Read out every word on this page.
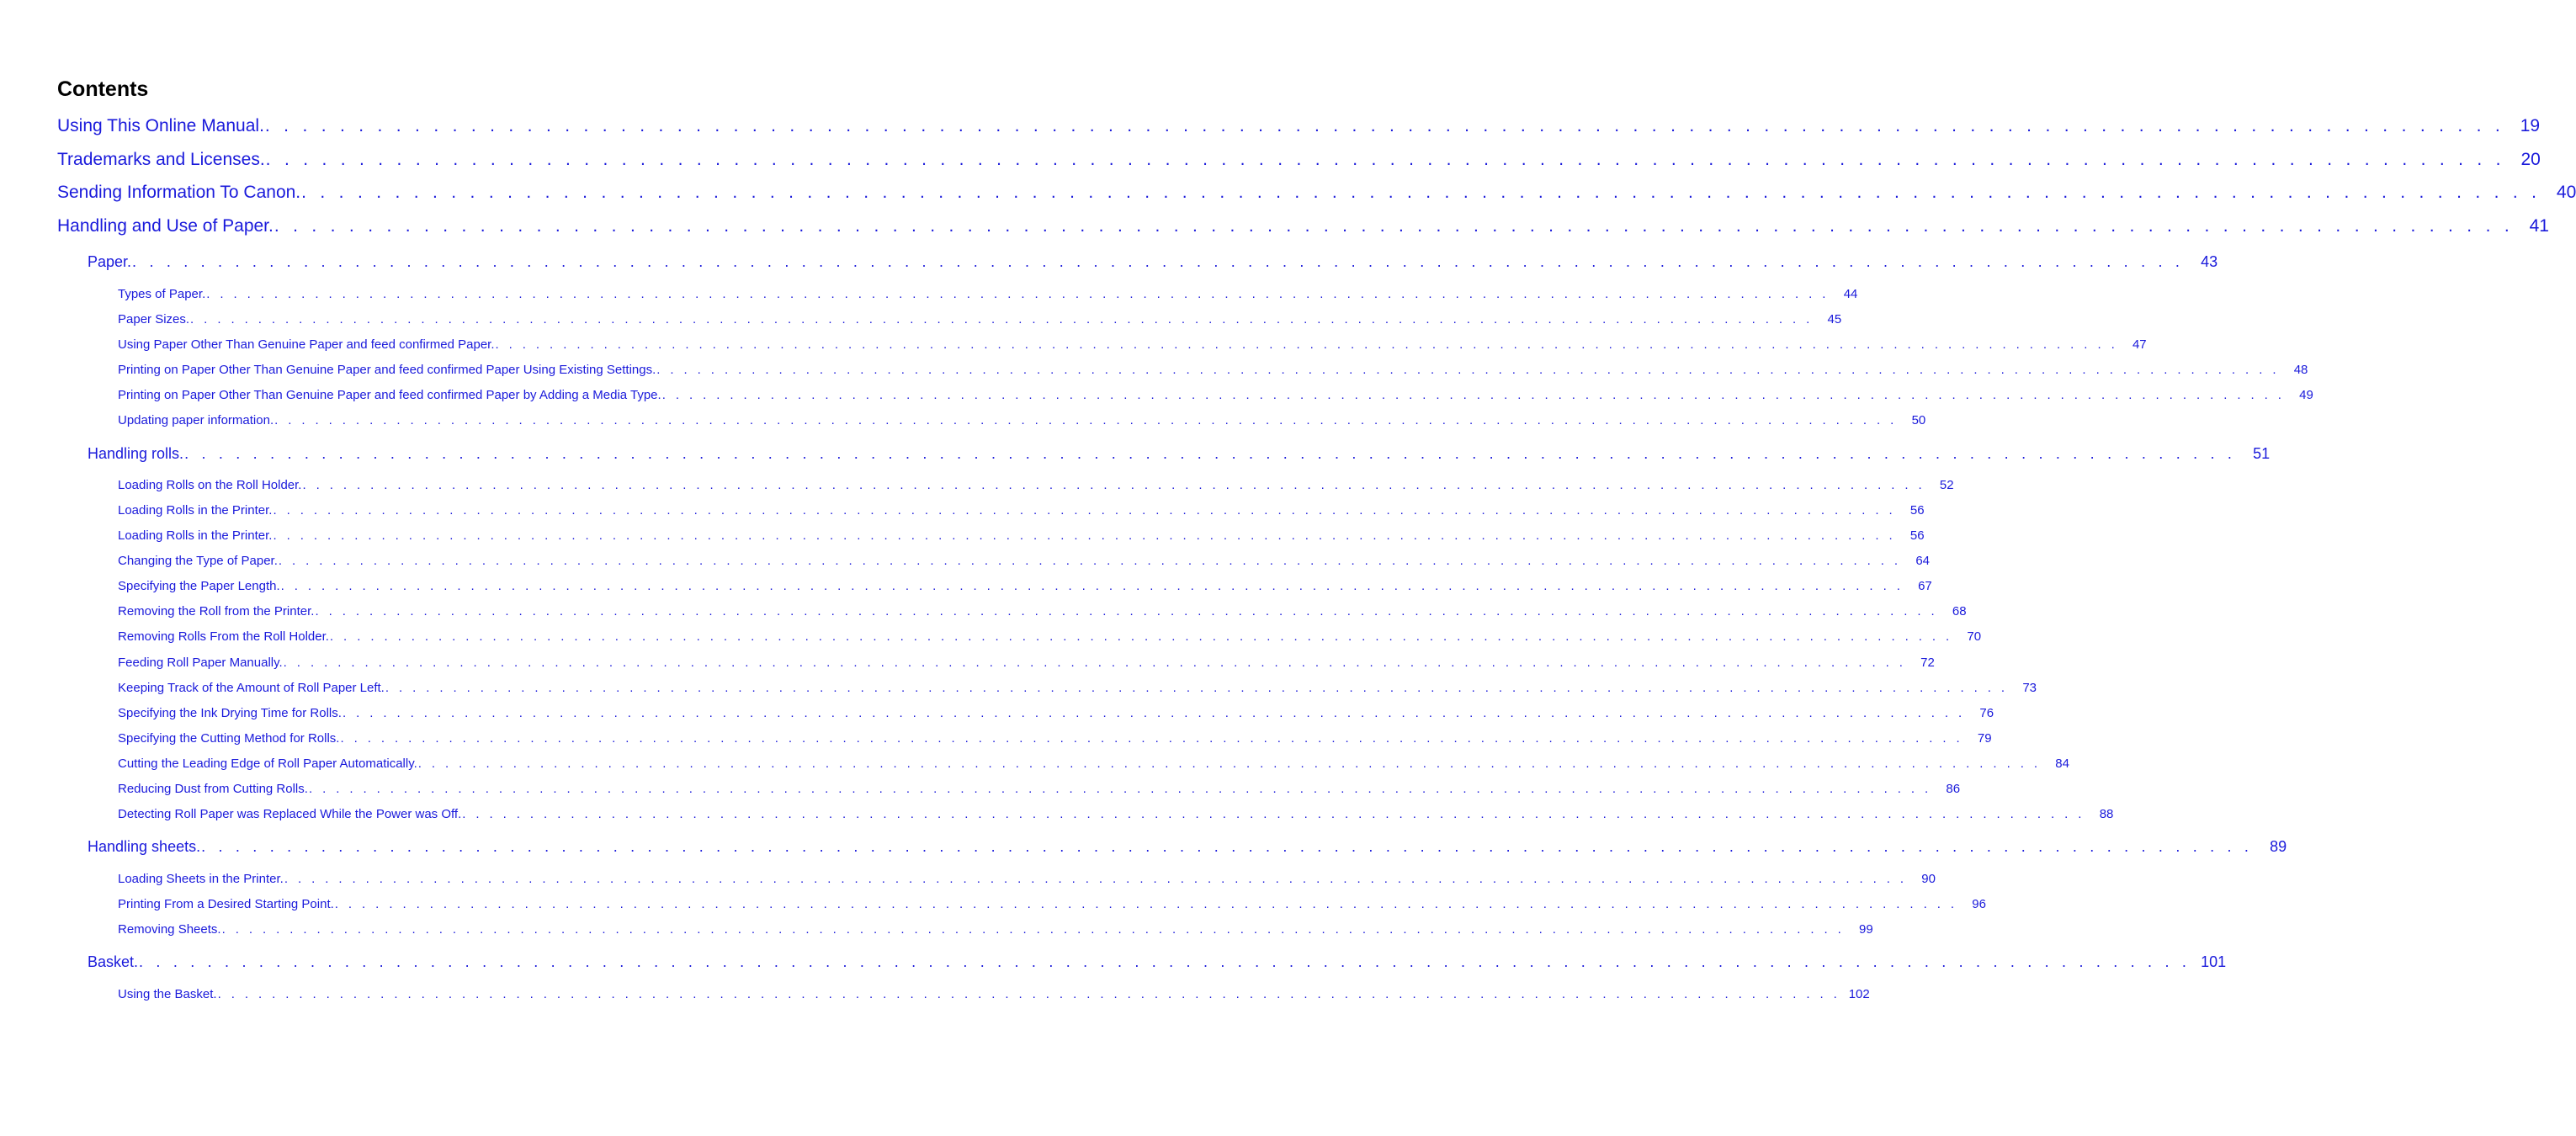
Contents
Using This Online Manual. . . . . . . . . . . . . . . . . . . . . . . . . . . . . . . . . . . . . . . . . . . . . . . . . . . . . . . . . . . . . . . . . . . . . . . . . . . . . . . . . . . . . . . . . . . . . . . . . . . . . . . . . . . . . . . . . . . . . . . . . 19
Trademarks and Licenses. . . . . . . . . . . . . . . . . . . . . . . . . . . . . . . . . . . . . . . . . . . . . . . . . . . . . . . . . . . . . . . . . . . . . . . . . . . . . . . . . . . . . . . . . . . . . . . . . . . . . . . . . . . . . . . . . . . . . . . . . 20
Sending Information To Canon. . . . . . . . . . . . . . . . . . . . . . . . . . . . . . . . . . . . . . . . . . . . . . . . . . . . . . . . . . . . . . . . . . . . . . . . . . . . . . . . . . . . . . . . . . . . . . . . . . . . . . . . . . . . . . . . . . . . . . . . . 40
Handling and Use of Paper. . . . . . . . . . . . . . . . . . . . . . . . . . . . . . . . . . . . . . . . . . . . . . . . . . . . . . . . . . . . . . . . . . . . . . . . . . . . . . . . . . . . . . . . . . . . . . . . . . . . . . . . . . . . . . . . . . . . . . . . . 41
Paper. . . . . . . . . . . . . . . . . . . . . . . . . . . . . . . . . . . . . . . . . . . . . . . . . . . . . . . . . . . . . . . . . . . . . . . . . . . . . . . . . . . . . . . . . . . . . . . . . . . . . . . . . . . . . . . . . . . . . . . . .	43
Types of Paper. . . . . . . . . . . . . . . . . . . . . . . . . . . . . . . . . . . . . . . . . . . . . . . . . . . . . . . . . . . . . . . . . . . . . . . . . . . . . . . . . . . . . . . . . . . . . . . . . . . . . . . . . . . . . . . . . . . . . . . . .	44
Paper Sizes. . . . . . . . . . . . . . . . . . . . . . . . . . . . . . . . . . . . . . . . . . . . . . . . . . . . . . . . . . . . . . . . . . . . . . . . . . . . . . . . . . . . . . . . . . . . . . . . . . . . . . . . . . . . . . . . . . . . . . . . .	45
Using Paper Other Than Genuine Paper and feed confirmed Paper. . . . . . . . . . . . . . . . . . . . . . . . . . . . . . . . . . . . . . . . . . . . . . . . . . . . . . . . . . . . . . . . . . . . . . . . . . . . . . . . . . . . . . . . . . . . . . . . . . . . . . . . . . . . . . . . . . . . . . . . .	47
Printing on Paper Other Than Genuine Paper and feed confirmed Paper Using Existing Settings. . . . . . . . . . . . . . . . . . . . . . . . . . . . . . . . . . . . . . . . . . . . . . . . . . . . . . . . . . . . . . . . . . . . . . . . . . . . . . . . . . . . . . . . . . . . . . . . . . . . . . . . . . . . . . . . . . . . . . . . .	48
Printing on Paper Other Than Genuine Paper and feed confirmed Paper by Adding a Media Type. . . . . . . . . . . . . . . . . . . . . . . . . . . . . . . . . . . . . . . . . . . . . . . . . . . . . . . . . . . . . . . . . . . . . . . . . . . . . . . . . . . . . . . . . . . . . . . . . . . . . . . . . . . . . . . . . . . . . . . . .	49
Updating paper information. . . . . . . . . . . . . . . . . . . . . . . . . . . . . . . . . . . . . . . . . . . . . . . . . . . . . . . . . . . . . . . . . . . . . . . . . . . . . . . . . . . . . . . . . . . . . . . . . . . . . . . . . . . . . . . . . . . . . . . . .	50
Handling rolls. . . . . . . . . . . . . . . . . . . . . . . . . . . . . . . . . . . . . . . . . . . . . . . . . . . . . . . . . . . . . . . . . . . . . . . . . . . . . . . . . . . . . . . . . . . . . . . . . . . . . . . . . . . . . . . . . . . . . . . . .	51
Loading Rolls on the Roll Holder. . . . . . . . . . . . . . . . . . . . . . . . . . . . . . . . . . . . . . . . . . . . . . . . . . . . . . . . . . . . . . . . . . . . . . . . . . . . . . . . . . . . . . . . . . . . . . . . . . . . . . . . . . . . . . . . . . . . . . . . .	52
Loading Rolls in the Printer. . . . . . . . . . . . . . . . . . . . . . . . . . . . . . . . . . . . . . . . . . . . . . . . . . . . . . . . . . . . . . . . . . . . . . . . . . . . . . . . . . . . . . . . . . . . . . . . . . . . . . . . . . . . . . . . . . . . . . . . .	56
Loading Rolls in the Printer. . . . . . . . . . . . . . . . . . . . . . . . . . . . . . . . . . . . . . . . . . . . . . . . . . . . . . . . . . . . . . . . . . . . . . . . . . . . . . . . . . . . . . . . . . . . . . . . . . . . . . . . . . . . . . . . . . . . . . . . .	56
Changing the Type of Paper. . . . . . . . . . . . . . . . . . . . . . . . . . . . . . . . . . . . . . . . . . . . . . . . . . . . . . . . . . . . . . . . . . . . . . . . . . . . . . . . . . . . . . . . . . . . . . . . . . . . . . . . . . . . . . . . . . . . . . . . .	64
Specifying the Paper Length. . . . . . . . . . . . . . . . . . . . . . . . . . . . . . . . . . . . . . . . . . . . . . . . . . . . . . . . . . . . . . . . . . . . . . . . . . . . . . . . . . . . . . . . . . . . . . . . . . . . . . . . . . . . . . . . . . . . . . . . .	67
Removing the Roll from the Printer. . . . . . . . . . . . . . . . . . . . . . . . . . . . . . . . . . . . . . . . . . . . . . . . . . . . . . . . . . . . . . . . . . . . . . . . . . . . . . . . . . . . . . . . . . . . . . . . . . . . . . . . . . . . . . . . . . . . . . . . .	68
Removing Rolls From the Roll Holder. . . . . . . . . . . . . . . . . . . . . . . . . . . . . . . . . . . . . . . . . . . . . . . . . . . . . . . . . . . . . . . . . . . . . . . . . . . . . . . . . . . . . . . . . . . . . . . . . . . . . . . . . . . . . . . . . . . . . . . . .	70
Feeding Roll Paper Manually. . . . . . . . . . . . . . . . . . . . . . . . . . . . . . . . . . . . . . . . . . . . . . . . . . . . . . . . . . . . . . . . . . . . . . . . . . . . . . . . . . . . . . . . . . . . . . . . . . . . . . . . . . . . . . . . . . . . . . . . .	72
Keeping Track of the Amount of Roll Paper Left. . . . . . . . . . . . . . . . . . . . . . . . . . . . . . . . . . . . . . . . . . . . . . . . . . . . . . . . . . . . . . . . . . . . . . . . . . . . . . . . . . . . . . . . . . . . . . . . . . . . . . . . . . . . . . . . . . . . . . . . .	73
Specifying the Ink Drying Time for Rolls. . . . . . . . . . . . . . . . . . . . . . . . . . . . . . . . . . . . . . . . . . . . . . . . . . . . . . . . . . . . . . . . . . . . . . . . . . . . . . . . . . . . . . . . . . . . . . . . . . . . . . . . . . . . . . . . . . . . . . . . .	76
Specifying the Cutting Method for Rolls. . . . . . . . . . . . . . . . . . . . . . . . . . . . . . . . . . . . . . . . . . . . . . . . . . . . . . . . . . . . . . . . . . . . . . . . . . . . . . . . . . . . . . . . . . . . . . . . . . . . . . . . . . . . . . . . . . . . . . . . .	79
Cutting the Leading Edge of Roll Paper Automatically. . . . . . . . . . . . . . . . . . . . . . . . . . . . . . . . . . . . . . . . . . . . . . . . . . . . . . . . . . . . . . . . . . . . . . . . . . . . . . . . . . . . . . . . . . . . . . . . . . . . . . . . . . . . . . . . . . . . . . . . .	84
Reducing Dust from Cutting Rolls. . . . . . . . . . . . . . . . . . . . . . . . . . . . . . . . . . . . . . . . . . . . . . . . . . . . . . . . . . . . . . . . . . . . . . . . . . . . . . . . . . . . . . . . . . . . . . . . . . . . . . . . . . . . . . . . . . . . . . . . .	86
Detecting Roll Paper was Replaced While the Power was Off. . . . . . . . . . . . . . . . . . . . . . . . . . . . . . . . . . . . . . . . . . . . . . . . . . . . . . . . . . . . . . . . . . . . . . . . . . . . . . . . . . . . . . . . . . . . . . . . . . . . . . . . . . . . . . . . . . . . . . . . .	88
Handling sheets. . . . . . . . . . . . . . . . . . . . . . . . . . . . . . . . . . . . . . . . . . . . . . . . . . . . . . . . . . . . . . . . . . . . . . . . . . . . . . . . . . . . . . . . . . . . . . . . . . . . . . . . . . . . . . . . . . . . . . . . .	89
Loading Sheets in the Printer. . . . . . . . . . . . . . . . . . . . . . . . . . . . . . . . . . . . . . . . . . . . . . . . . . . . . . . . . . . . . . . . . . . . . . . . . . . . . . . . . . . . . . . . . . . . . . . . . . . . . . . . . . . . . . . . . . . . . . . . .	90
Printing From a Desired Starting Point. . . . . . . . . . . . . . . . . . . . . . . . . . . . . . . . . . . . . . . . . . . . . . . . . . . . . . . . . . . . . . . . . . . . . . . . . . . . . . . . . . . . . . . . . . . . . . . . . . . . . . . . . . . . . . . . . . . . . . . . .	96
Removing Sheets. . . . . . . . . . . . . . . . . . . . . . . . . . . . . . . . . . . . . . . . . . . . . . . . . . . . . . . . . . . . . . . . . . . . . . . . . . . . . . . . . . . . . . . . . . . . . . . . . . . . . . . . . . . . . . . . . . . . . . . . .	99
Basket. . . . . . . . . . . . . . . . . . . . . . . . . . . . . . . . . . . . . . . . . . . . . . . . . . . . . . . . . . . . . . . . . . . . . . . . . . . . . . . . . . . . . . . . . . . . . . . . . . . . . . . . . . . . . . . . . . . . . . . . . 101
Using the Basket. . . . . . . . . . . . . . . . . . . . . . . . . . . . . . . . . . . . . . . . . . . . . . . . . . . . . . . . . . . . . . . . . . . . . . . . . . . . . . . . . . . . . . . . . . . . . . . . . . . . . . . . . . . . . . . . . . . . . . . . . 102
